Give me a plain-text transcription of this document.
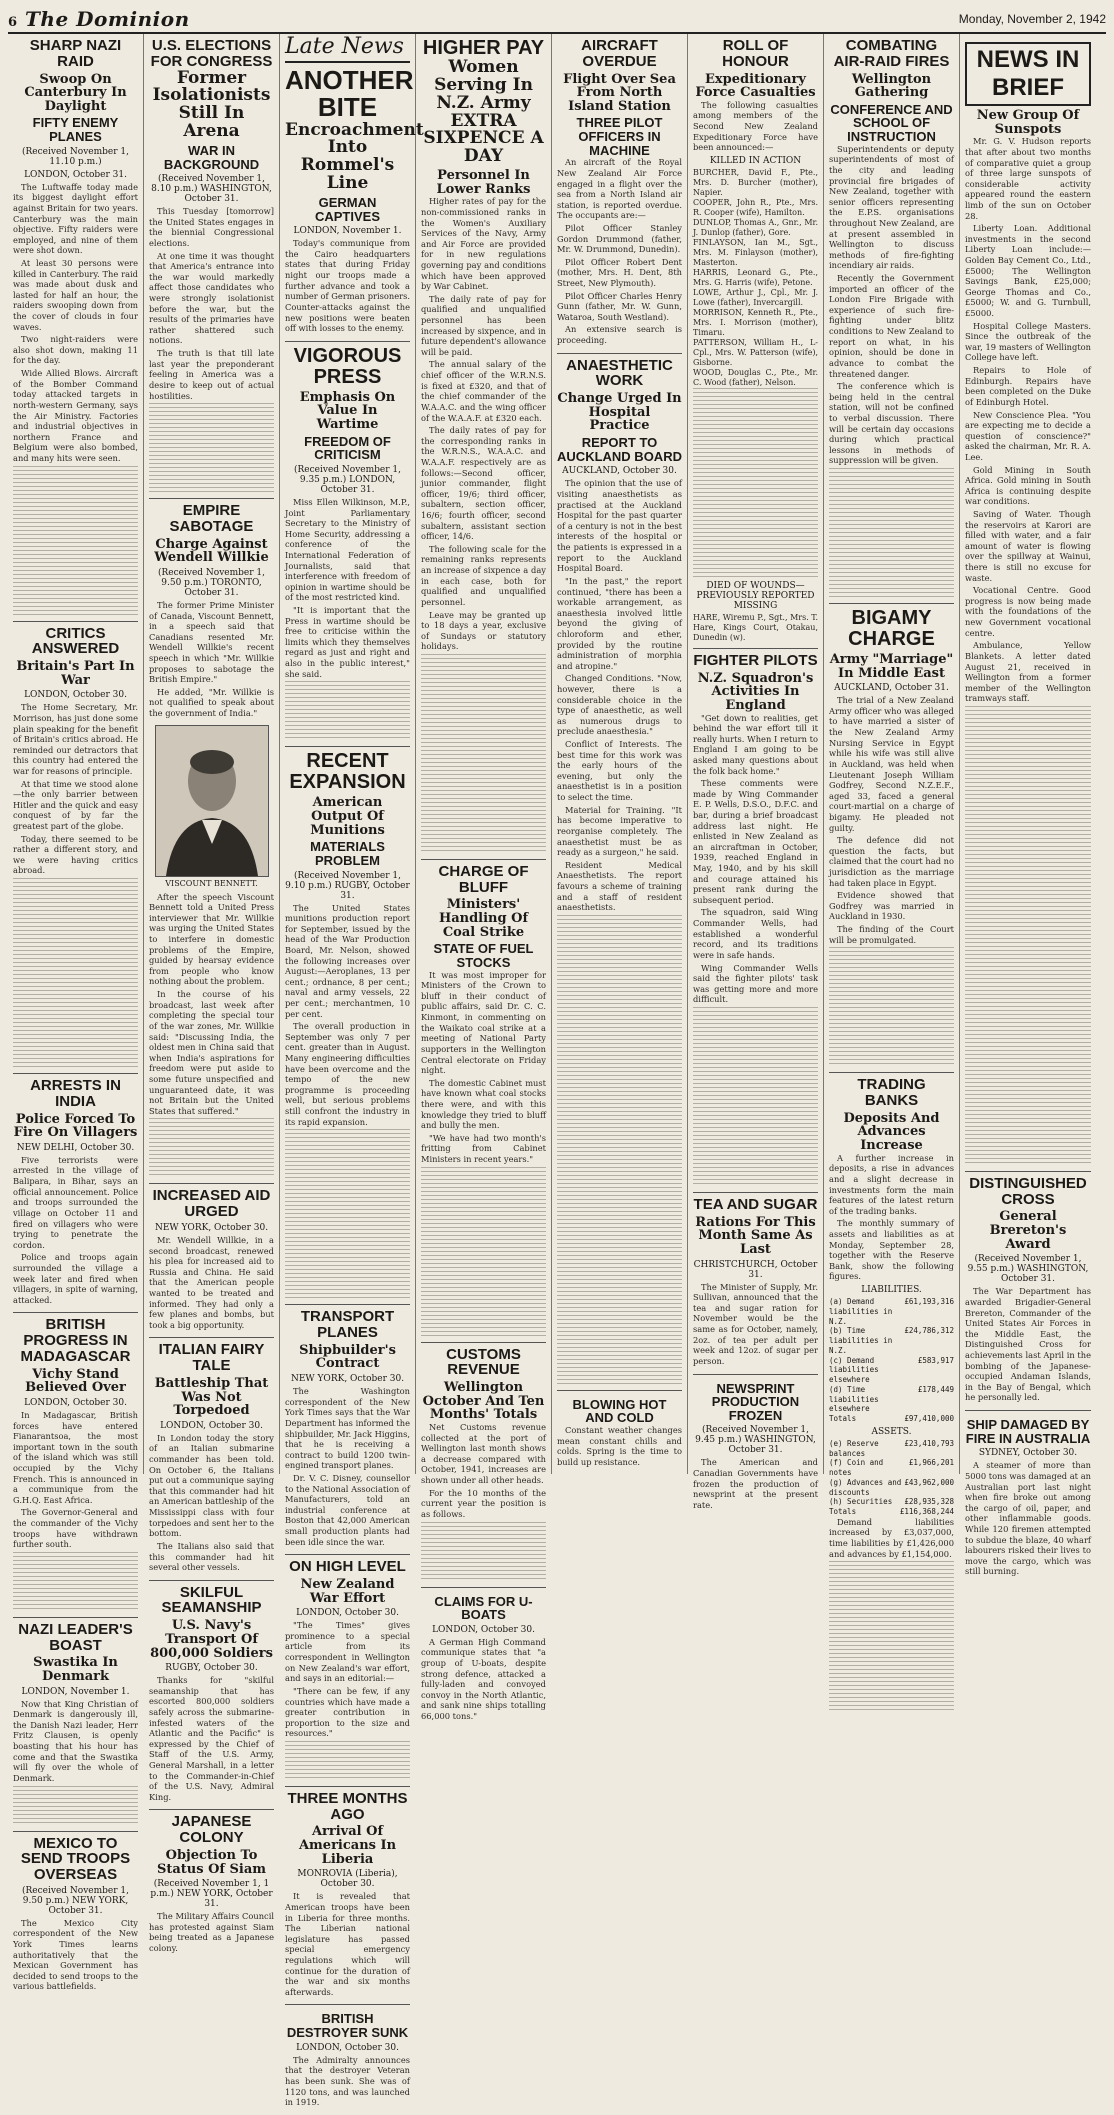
6 The Dominion	Monday, November 2, 1942
SHARP NAZI RAID
Swoop On Canterbury In Daylight
FIFTY ENEMY PLANES
(Received November 1, 11.10 p.m.)
LONDON, October 31.

The Luftwaffe today made its biggest daylight effort against Britain for two years. Canterbury was the main objective. Fifty raiders were employed, and nine of them were shot down.

At least 30 persons were killed in Canterbury. The raid was made about dusk and lasted for half an hour, the raiders swooping down from the cover of clouds in four waves.

Two night-raiders were also shot down, making 11 for the day.

Wide Allied Blows. Aircraft of the Bomber Command today attacked targets in north-western Germany, says the Air Ministry. Factories and industrial objectives in northern France and Belgium were also bombed, and many hits were seen.

CRITICS ANSWERED
Britain's Part In War
LONDON, October 30.

The Home Secretary, Mr. Morrison, has just done some plain speaking for the benefit of Britain's critics abroad. He reminded our detractors that this country had entered the war for reasons of principle.

At that time we stood alone—the only barrier between Hitler and the quick and easy conquest of by far the greatest part of the globe.

Today, there seemed to be rather a different story, and we were having critics abroad.

ARRESTS IN INDIA
Police Forced To Fire On Villagers
NEW DELHI, October 30.

Five terrorists were arrested in the village of Balipara, in Bihar, says an official announcement. Police and troops surrounded the village on October 11 and fired on villagers who were trying to penetrate the cordon.

Police and troops again surrounded the village a week later and fired when villagers, in spite of warning, attacked.

BRITISH PROGRESS IN MADAGASCAR
Vichy Stand Believed Over
LONDON, October 30.

In Madagascar, British forces have entered Fianarantsoa, the most important town in the south of the island which was still occupied by the Vichy French. This is announced in a communique from the G.H.Q. East Africa.

The Governor-General and the commander of the Vichy troops have withdrawn further south.

NAZI LEADER'S BOAST
Swastika In Denmark
LONDON, November 1.

Now that King Christian of Denmark is dangerously ill, the Danish Nazi leader, Herr Fritz Clausen, is openly boasting that his hour has come and that the Swastika will fly over the whole of Denmark.

MEXICO TO SEND TROOPS OVERSEAS
(Received November 1, 9.50 p.m.) NEW YORK, October 31.

The Mexico City correspondent of the New York Times learns authoritatively that the Mexican Government has decided to send troops to the various battlefields.

U.S. ELECTIONS FOR CONGRESS
Former Isolationists Still In Arena
WAR IN BACKGROUND
(Received November 1, 8.10 p.m.) WASHINGTON, October 31.

This Tuesday [tomorrow] the United States engages in the biennial Congressional elections.

At one time it was thought that America's entrance into the war would markedly affect those candidates who were strongly isolationist before the war, but the results of the primaries have rather shattered such notions.

The truth is that till late last year the preponderant feeling in America was a desire to keep out of actual hostilities.

EMPIRE SABOTAGE
Charge Against Wendell Willkie
(Received November 1, 9.50 p.m.) TORONTO, October 31.

The former Prime Minister of Canada, Viscount Bennett, in a speech said that Canadians resented Mr. Wendell Willkie's recent speech in which "Mr. Willkie proposes to sabotage the British Empire."

He added, "Mr. Willkie is not qualified to speak about the government of India."

VISCOUNT BENNETT.

After the speech Viscount Bennett told a United Press interviewer that Mr. Willkie was urging the United States to interfere in domestic problems of the Empire, guided by hearsay evidence from people who know nothing about the problem.

In the course of his broadcast, last week after completing the special tour of the war zones, Mr. Willkie said: "Discussing India, the oldest men in China said that when India's aspirations for freedom were put aside to some future unspecified and unguaranteed date, it was not Britain but the United States that suffered."

INCREASED AID URGED
NEW YORK, October 30.

Mr. Wendell Willkie, in a second broadcast, renewed his plea for increased aid to Russia and China. He said that the American people wanted to be treated and informed. They had only a few planes and bombs, but took a big opportunity.

ITALIAN FAIRY TALE
Battleship That Was Not Torpedoed
LONDON, October 30.

In London today the story of an Italian submarine commander has been told. On October 6, the Italians put out a communique saying that this commander had hit an American battleship of the Mississippi class with four torpedoes and sent her to the bottom.

The Italians also said that this commander had hit several other vessels.

SKILFUL SEAMANSHIP
U.S. Navy's Transport Of 800,000 Soldiers
RUGBY, October 30.

Thanks for "skilful seamanship that has escorted 800,000 soldiers safely across the submarine-infested waters of the Atlantic and the Pacific" is expressed by the Chief of Staff of the U.S. Army, General Marshall, in a letter to the Commander-in-Chief of the U.S. Navy, Admiral King.

JAPANESE COLONY
Objection To Status Of Siam
(Received November 1, 1 p.m.) NEW YORK, October 31.

The Military Affairs Council has protested against Siam being treated as a Japanese colony.

Late News
ANOTHER BITE
Encroachment Into Rommel's Line
GERMAN CAPTIVES
LONDON, November 1.

Today's communique from the Cairo headquarters states that during Friday night our troops made a further advance and took a number of German prisoners. Counter-attacks against the new positions were beaten off with losses to the enemy.

VIGOROUS PRESS
Emphasis On Value In Wartime
FREEDOM OF CRITICISM
(Received November 1, 9.35 p.m.) LONDON, October 31.

Miss Ellen Wilkinson, M.P., Joint Parliamentary Secretary to the Ministry of Home Security, addressing a conference of the International Federation of Journalists, said that interference with freedom of opinion in wartime should be of the most restricted kind.

"It is important that the Press in wartime should be free to criticise within the limits which they themselves regard as just and right and also in the public interest," she said.

RECENT EXPANSION
American Output Of Munitions
MATERIALS PROBLEM
(Received November 1, 9.10 p.m.) RUGBY, October 31.

The United States munitions production report for September, issued by the head of the War Production Board, Mr. Nelson, showed the following increases over August:—Aeroplanes, 13 per cent.; ordnance, 8 per cent.; naval and army vessels, 22 per cent.; merchantmen, 10 per cent.

The overall production in September was only 7 per cent. greater than in August. Many engineering difficulties have been overcome and the tempo of the new programme is proceeding well, but serious problems still confront the industry in its rapid expansion.

TRANSPORT PLANES
Shipbuilder's Contract
NEW YORK, October 30.

The Washington correspondent of the New York Times says that the War Department has informed the shipbuilder, Mr. Jack Higgins, that he is receiving a contract to build 1200 twin-engined transport planes.

Dr. V. C. Disney, counsellor to the National Association of Manufacturers, told an industrial conference at Boston that 42,000 American small production plants had been idle since the war.

ON HIGH LEVEL
New Zealand War Effort
LONDON, October 30.

"The Times" gives prominence to a special article from its correspondent in Wellington on New Zealand's war effort, and says in an editorial:—

"There can be few, if any countries which have made a greater contribution in proportion to the size and resources."

THREE MONTHS AGO
Arrival Of Americans In Liberia
MONROVIA (Liberia), October 30.

It is revealed that American troops have been in Liberia for three months. The Liberian national legislature has passed special emergency regulations which will continue for the duration of the war and six months afterwards.

BRITISH DESTROYER SUNK
LONDON, October 30.

The Admiralty announces that the destroyer Veteran has been sunk. She was of 1120 tons, and was launched in 1919.

HIGHER PAY
Women Serving In N.Z. Army EXTRA SIXPENCE A DAY
Personnel In Lower Ranks

Higher rates of pay for the non-commissioned ranks in the Women's Auxiliary Services of the Navy, Army and Air Force are provided for in new regulations governing pay and conditions which have been approved by War Cabinet.

The daily rate of pay for qualified and unqualified personnel has been increased by sixpence, and in future dependent's allowance will be paid.

The annual salary of the chief officer of the W.R.N.S. is fixed at £320, and that of the chief commander of the W.A.A.C. and the wing officer of the W.A.A.F. at £320 each.

The daily rates of pay for the corresponding ranks in the W.R.N.S., W.A.A.C. and W.A.A.F. respectively are as follows:—Second officer, junior commander, flight officer, 19/6; third officer, subaltern, section officer, 16/6; fourth officer, second subaltern, assistant section officer, 14/6.

The following scale for the remaining ranks represents an increase of sixpence a day in each case, both for qualified and unqualified personnel.

Leave may be granted up to 18 days a year, exclusive of Sundays or statutory holidays.

CHARGE OF BLUFF
Ministers' Handling Of Coal Strike
STATE OF FUEL STOCKS

It was most improper for Ministers of the Crown to bluff in their conduct of public affairs, said Dr. C. C. Kinmont, in commenting on the Waikato coal strike at a meeting of National Party supporters in the Wellington Central electorate on Friday night.

The domestic Cabinet must have known what coal stocks there were, and with this knowledge they tried to bluff and bully the men.

"We have had two month's fritting from Cabinet Ministers in recent years."

CUSTOMS REVENUE
Wellington October And Ten Months' Totals

Net Customs revenue collected at the port of Wellington last month shows a decrease compared with October, 1941, increases are shown under all other heads.

For the 10 months of the current year the position is as follows.

CLAIMS FOR U-BOATS
LONDON, October 30.

A German High Command communique states that "a group of U-boats, despite strong defence, attacked a fully-laden and convoyed convoy in the North Atlantic, and sank nine ships totalling 66,000 tons."

AIRCRAFT OVERDUE
Flight Over Sea From North Island Station
THREE PILOT OFFICERS IN MACHINE

An aircraft of the Royal New Zealand Air Force engaged in a flight over the sea from a North Island air station, is reported overdue. The occupants are:—

Pilot Officer Stanley Gordon Drummond (father, Mr. W. Drummond, Dunedin).

Pilot Officer Robert Dent (mother, Mrs. H. Dent, 8th Street, New Plymouth).

Pilot Officer Charles Henry Gunn (father, Mr. W. Gunn, Wataroa, South Westland).

An extensive search is proceeding.

ANAESTHETIC WORK
Change Urged In Hospital Practice
REPORT TO AUCKLAND BOARD
AUCKLAND, October 30.

The opinion that the use of visiting anaesthetists as practised at the Auckland Hospital for the past quarter of a century is not in the best interests of the hospital or the patients is expressed in a report to the Auckland Hospital Board.

"In the past," the report continued, "there has been a workable arrangement, as anaesthesia involved little beyond the giving of chloroform and ether, provided by the routine administration of morphia and atropine."

Changed Conditions. "Now, however, there is a considerable choice in the type of anaesthetic, as well as numerous drugs to preclude anaesthesia."

Conflict of Interests. The best time for this work was the early hours of the evening, but only the anaesthetist is in a position to select the time.

Material for Training. "It has become imperative to reorganise completely. The anaesthetist must be as ready as a surgeon," he said.

Resident Medical Anaesthetists. The report favours a scheme of training and a staff of resident anaesthetists.

BLOWING HOT AND COLD

Constant weather changes mean constant chills and colds. Spring is the time to build up resistance.

ROLL OF HONOUR
Expeditionary Force Casualties

The following casualties among members of the Second New Zealand Expeditionary Force have been announced:—

KILLED IN ACTION

BURCHER, David F., Pte., Mrs. D. Burcher (mother), Napier.

COOPER, John R., Pte., Mrs. R. Cooper (wife), Hamilton.

DUNLOP, Thomas A., Gnr., Mr. J. Dunlop (father), Gore.

FINLAYSON, Ian M., Sgt., Mrs. M. Finlayson (mother), Masterton.

HARRIS, Leonard G., Pte., Mrs. G. Harris (wife), Petone.

LOWE, Arthur J., Cpl., Mr. J. Lowe (father), Invercargill.

MORRISON, Kenneth R., Pte., Mrs. I. Morrison (mother), Timaru.

PATTERSON, William H., L-Cpl., Mrs. W. Patterson (wife), Gisborne.

WOOD, Douglas C., Pte., Mr. C. Wood (father), Nelson.

DIED OF WOUNDS—PREVIOUSLY REPORTED MISSING

HARE, Wiremu P., Sgt., Mrs. T. Hare, Kings Court, Otakau, Dunedin (w).

FIGHTER PILOTS
N.Z. Squadron's Activities In England

"Get down to realities, get behind the war effort till it really hurts. When I return to England I am going to be asked many questions about the folk back home."

These comments were made by Wing Commander E. P. Wells, D.S.O., D.F.C. and bar, during a brief broadcast address last night. He enlisted in New Zealand as an aircraftman in October, 1939, reached England in May, 1940, and by his skill and courage attained his present rank during the subsequent period.

The squadron, said Wing Commander Wells, had established a wonderful record, and its traditions were in safe hands.

Wing Commander Wells said the fighter pilots' task was getting more and more difficult.

TEA AND SUGAR
Rations For This Month Same As Last
CHRISTCHURCH, October 31.

The Minister of Supply, Mr. Sullivan, announced that the tea and sugar ration for November would be the same as for October, namely, 2oz. of tea per adult per week and 12oz. of sugar per person.

NEWSPRINT PRODUCTION FROZEN
(Received November 1, 9.45 p.m.) WASHINGTON, October 31.

The American and Canadian Governments have frozen the production of newsprint at the present rate.

COMBATING AIR-RAID FIRES
Wellington Gathering
CONFERENCE AND SCHOOL OF INSTRUCTION

Superintendents or deputy superintendents of most of the city and leading provincial fire brigades of New Zealand, together with senior officers representing the E.P.S. organisations throughout New Zealand, are at present assembled in Wellington to discuss methods of fire-fighting incendiary air raids.

Recently the Government imported an officer of the London Fire Brigade with experience of such fire-fighting under blitz conditions to New Zealand to report on what, in his opinion, should be done in advance to combat the threatened danger.

The conference which is being held in the central station, will not be confined to verbal discussion. There will be certain day occasions during which practical lessons in methods of suppression will be given.

BIGAMY CHARGE
Army "Marriage" In Middle East
AUCKLAND, October 31.

The trial of a New Zealand Army officer who was alleged to have married a sister of the New Zealand Army Nursing Service in Egypt while his wife was still alive in Auckland, was held when Lieutenant Joseph William Godfrey, Second N.Z.E.F., aged 33, faced a general court-martial on a charge of bigamy. He pleaded not guilty.

The defence did not question the facts, but claimed that the court had no jurisdiction as the marriage had taken place in Egypt.

Evidence showed that Godfrey was married in Auckland in 1930.

The finding of the Court will be promulgated.

TRADING BANKS
Deposits And Advances Increase

A further increase in deposits, a rise in advances and a slight decrease in investments form the main features of the latest return of the trading banks.

The monthly summary of assets and liabilities as at Monday, September 28, together with the Reserve Bank, show the following figures.

LIABILITIES.
(a) Demand liabilities in N.Z.
£61,193,316
(b) Time liabilities in N.Z.
£24,786,312
(c) Demand liabilities elsewhere
£583,917
(d) Time liabilities elsewhere
£178,449
Totals	£97,410,000
ASSETS.
(e) Reserve balances
£23,410,793
(f) Coin and notes
£1,966,201
(g) Advances and discounts
£43,962,000
(h) Securities £28,935,328
Totals	£116,368,244

Demand liabilities increased by £3,037,000, time liabilities by £1,426,000 and advances by £1,154,000.

NEWS IN BRIEF
New Group Of Sunspots

Mr. G. V. Hudson reports that after about two months of comparative quiet a group of three large sunspots of considerable activity appeared round the eastern limb of the sun on October 28.

Liberty Loan. Additional investments in the second Liberty Loan include:—Golden Bay Cement Co., Ltd., £5000; The Wellington Savings Bank, £25,000; George Thomas and Co., £5000; W. and G. Turnbull, £5000.

Hospital College Masters. Since the outbreak of the war, 19 masters of Wellington College have left.

Repairs to Hole of Edinburgh. Repairs have been completed on the Duke of Edinburgh Hotel.

New Conscience Plea. "You are expecting me to decide a question of conscience?" asked the chairman, Mr. R. A. Lee.

Gold Mining in South Africa. Gold mining in South Africa is continuing despite war conditions.

Saving of Water. Though the reservoirs at Karori are filled with water, and a fair amount of water is flowing over the spillway at Wainui, there is still no excuse for waste.

Vocational Centre. Good progress is now being made with the foundations of the new Government vocational centre.

Ambulance, Yellow Blankets. A letter dated August 21, received in Wellington from a former member of the Wellington tramways staff.

DISTINGUISHED CROSS
General Brereton's Award
(Received November 1, 9.55 p.m.) WASHINGTON, October 31.

The War Department has awarded Brigadier-General Brereton, Commander of the United States Air Forces in the Middle East, the Distinguished Cross for achievements last April in the bombing of the Japanese-occupied Andaman Islands, in the Bay of Bengal, which he personally led.

SHIP DAMAGED BY FIRE IN AUSTRALIA
SYDNEY, October 30.

A steamer of more than 5000 tons was damaged at an Australian port last night when fire broke out among the cargo of oil, paper, and other inflammable goods. While 120 firemen attempted to subdue the blaze, 40 wharf labourers risked their lives to move the cargo, which was still burning.
